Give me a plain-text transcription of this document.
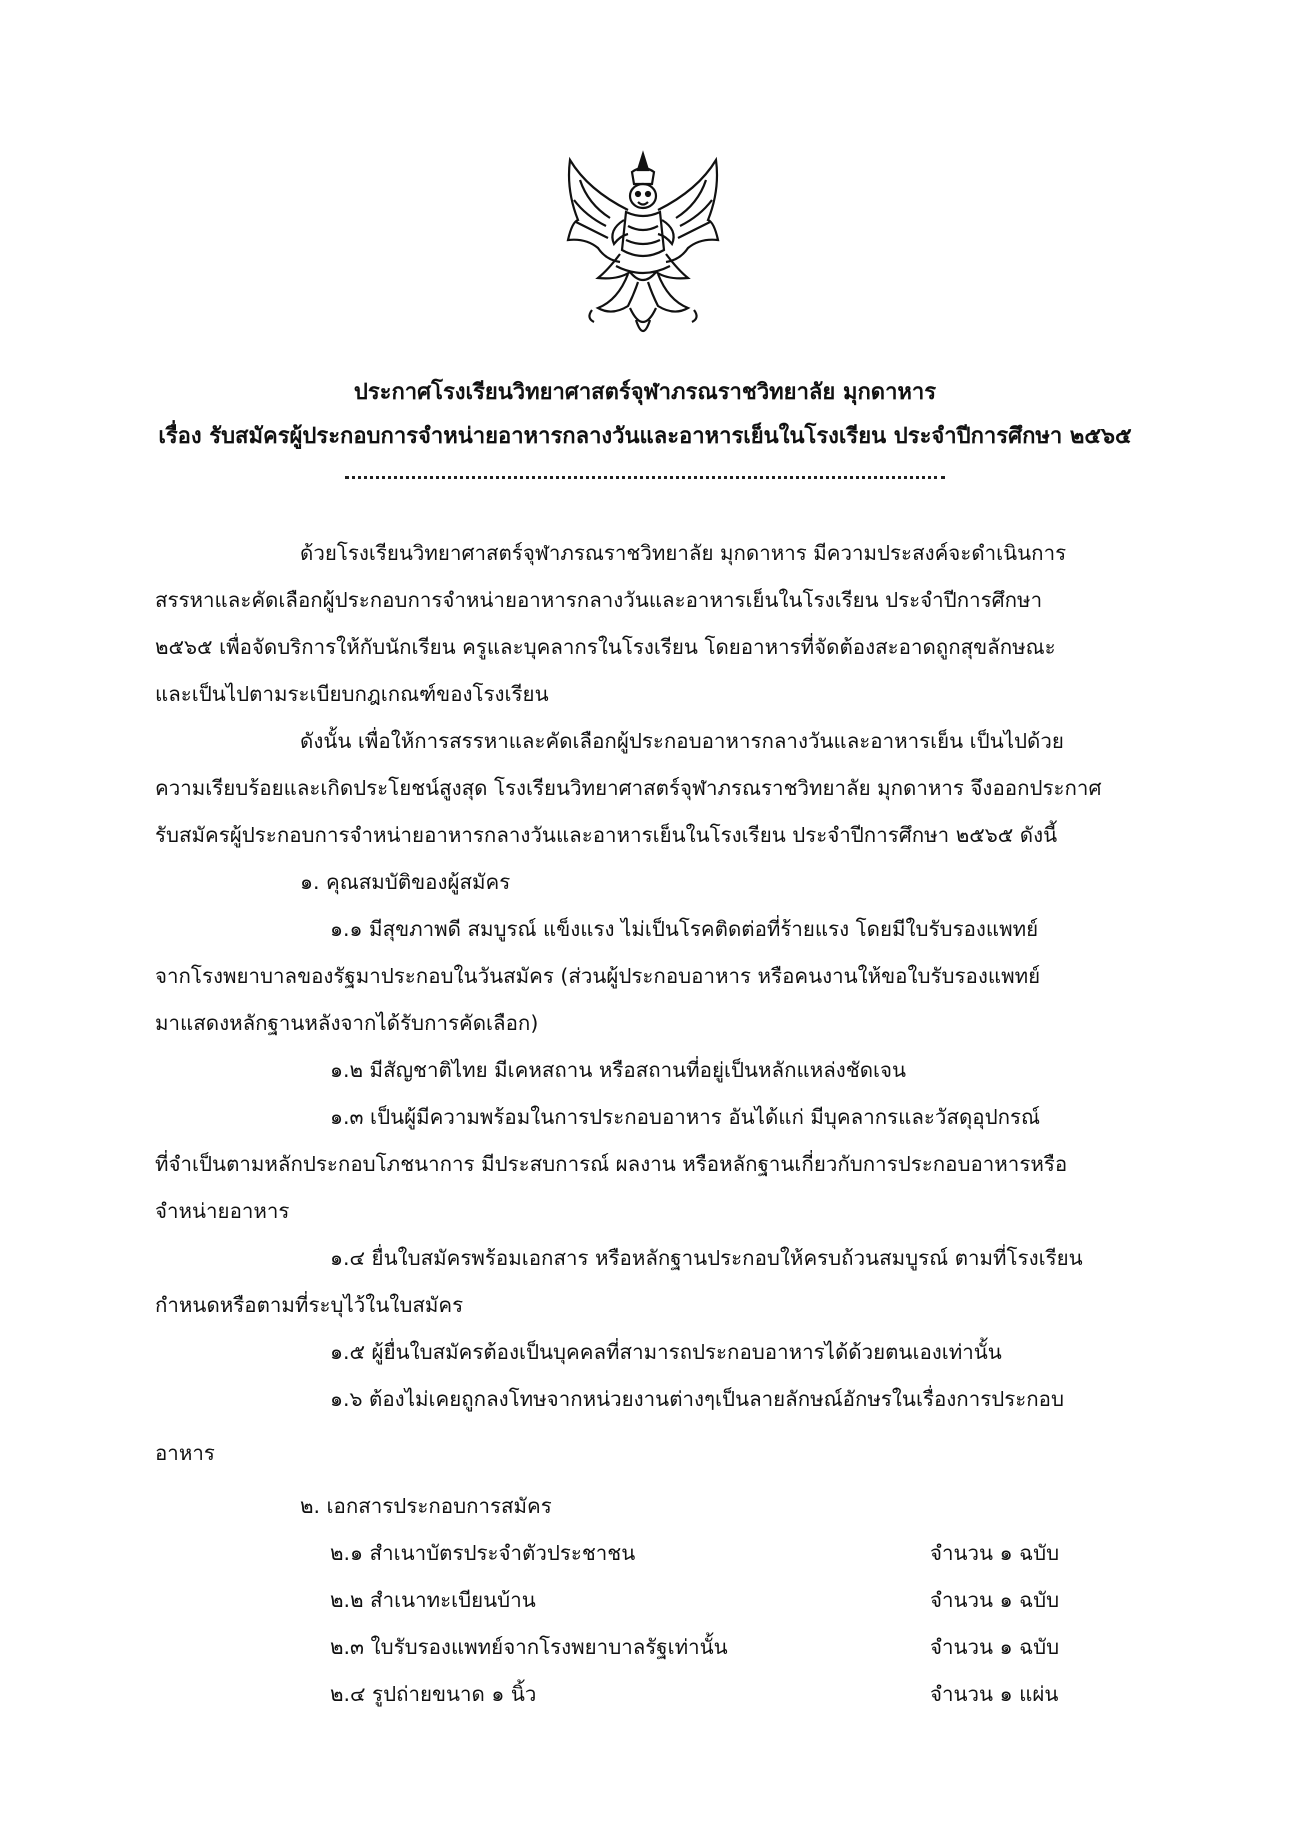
ประกาศโรงเรียนวิทยาศาสตร์จุฬาภรณราชวิทยาลัย มุกดาหาร
เรื่อง รับสมัครผู้ประกอบการจำหน่ายอาหารกลางวันและอาหารเย็นในโรงเรียน ประจำปีการศึกษา ๒๕๖๕
ด้วยโรงเรียนวิทยาศาสตร์จุฬาภรณราชวิทยาลัย มุกดาหาร มีความประสงค์จะดำเนินการ
สรรหาและคัดเลือกผู้ประกอบการจำหน่ายอาหารกลางวันและอาหารเย็นในโรงเรียน ประจำปีการศึกษา
๒๕๖๕ เพื่อจัดบริการให้กับนักเรียน ครูและบุคลากรในโรงเรียน โดยอาหารที่จัดต้องสะอาดถูกสุขลักษณะ
และเป็นไปตามระเบียบกฎเกณฑ์ของโรงเรียน
ดังนั้น เพื่อให้การสรรหาและคัดเลือกผู้ประกอบอาหารกลางวันและอาหารเย็น เป็นไปด้วย
ความเรียบร้อยและเกิดประโยชน์สูงสุด โรงเรียนวิทยาศาสตร์จุฬาภรณราชวิทยาลัย มุกดาหาร จึงออกประกาศ
รับสมัครผู้ประกอบการจำหน่ายอาหารกลางวันและอาหารเย็นในโรงเรียน ประจำปีการศึกษา ๒๕๖๕ ดังนี้
๑. คุณสมบัติของผู้สมัคร
๑.๑ มีสุขภาพดี สมบูรณ์ แข็งแรง ไม่เป็นโรคติดต่อที่ร้ายแรง โดยมีใบรับรองแพทย์
จากโรงพยาบาลของรัฐมาประกอบในวันสมัคร (ส่วนผู้ประกอบอาหาร หรือคนงานให้ขอใบรับรองแพทย์
มาแสดงหลักฐานหลังจากได้รับการคัดเลือก)
๑.๒ มีสัญชาติไทย มีเคหสถาน หรือสถานที่อยู่เป็นหลักแหล่งชัดเจน
๑.๓ เป็นผู้มีความพร้อมในการประกอบอาหาร อันได้แก่ มีบุคลากรและวัสดุอุปกรณ์
ที่จำเป็นตามหลักประกอบโภชนาการ มีประสบการณ์ ผลงาน หรือหลักฐานเกี่ยวกับการประกอบอาหารหรือ
จำหน่ายอาหาร
๑.๔ ยื่นใบสมัครพร้อมเอกสาร หรือหลักฐานประกอบให้ครบถ้วนสมบูรณ์ ตามที่โรงเรียน
กำหนดหรือตามที่ระบุไว้ในใบสมัคร
๑.๕ ผู้ยื่นใบสมัครต้องเป็นบุคคลที่สามารถประกอบอาหารได้ด้วยตนเองเท่านั้น
๑.๖ ต้องไม่เคยถูกลงโทษจากหน่วยงานต่างๆเป็นลายลักษณ์อักษรในเรื่องการประกอบ
อาหาร
๒. เอกสารประกอบการสมัคร
๒.๑ สำเนาบัตรประจำตัวประชาชน	จำนวน ๑ ฉบับ
๒.๒ สำเนาทะเบียนบ้าน	จำนวน ๑ ฉบับ
๒.๓ ใบรับรองแพทย์จากโรงพยาบาลรัฐเท่านั้น	จำนวน ๑ ฉบับ
๒.๔ รูปถ่ายขนาด ๑ นิ้ว	จำนวน ๑ แผ่น
